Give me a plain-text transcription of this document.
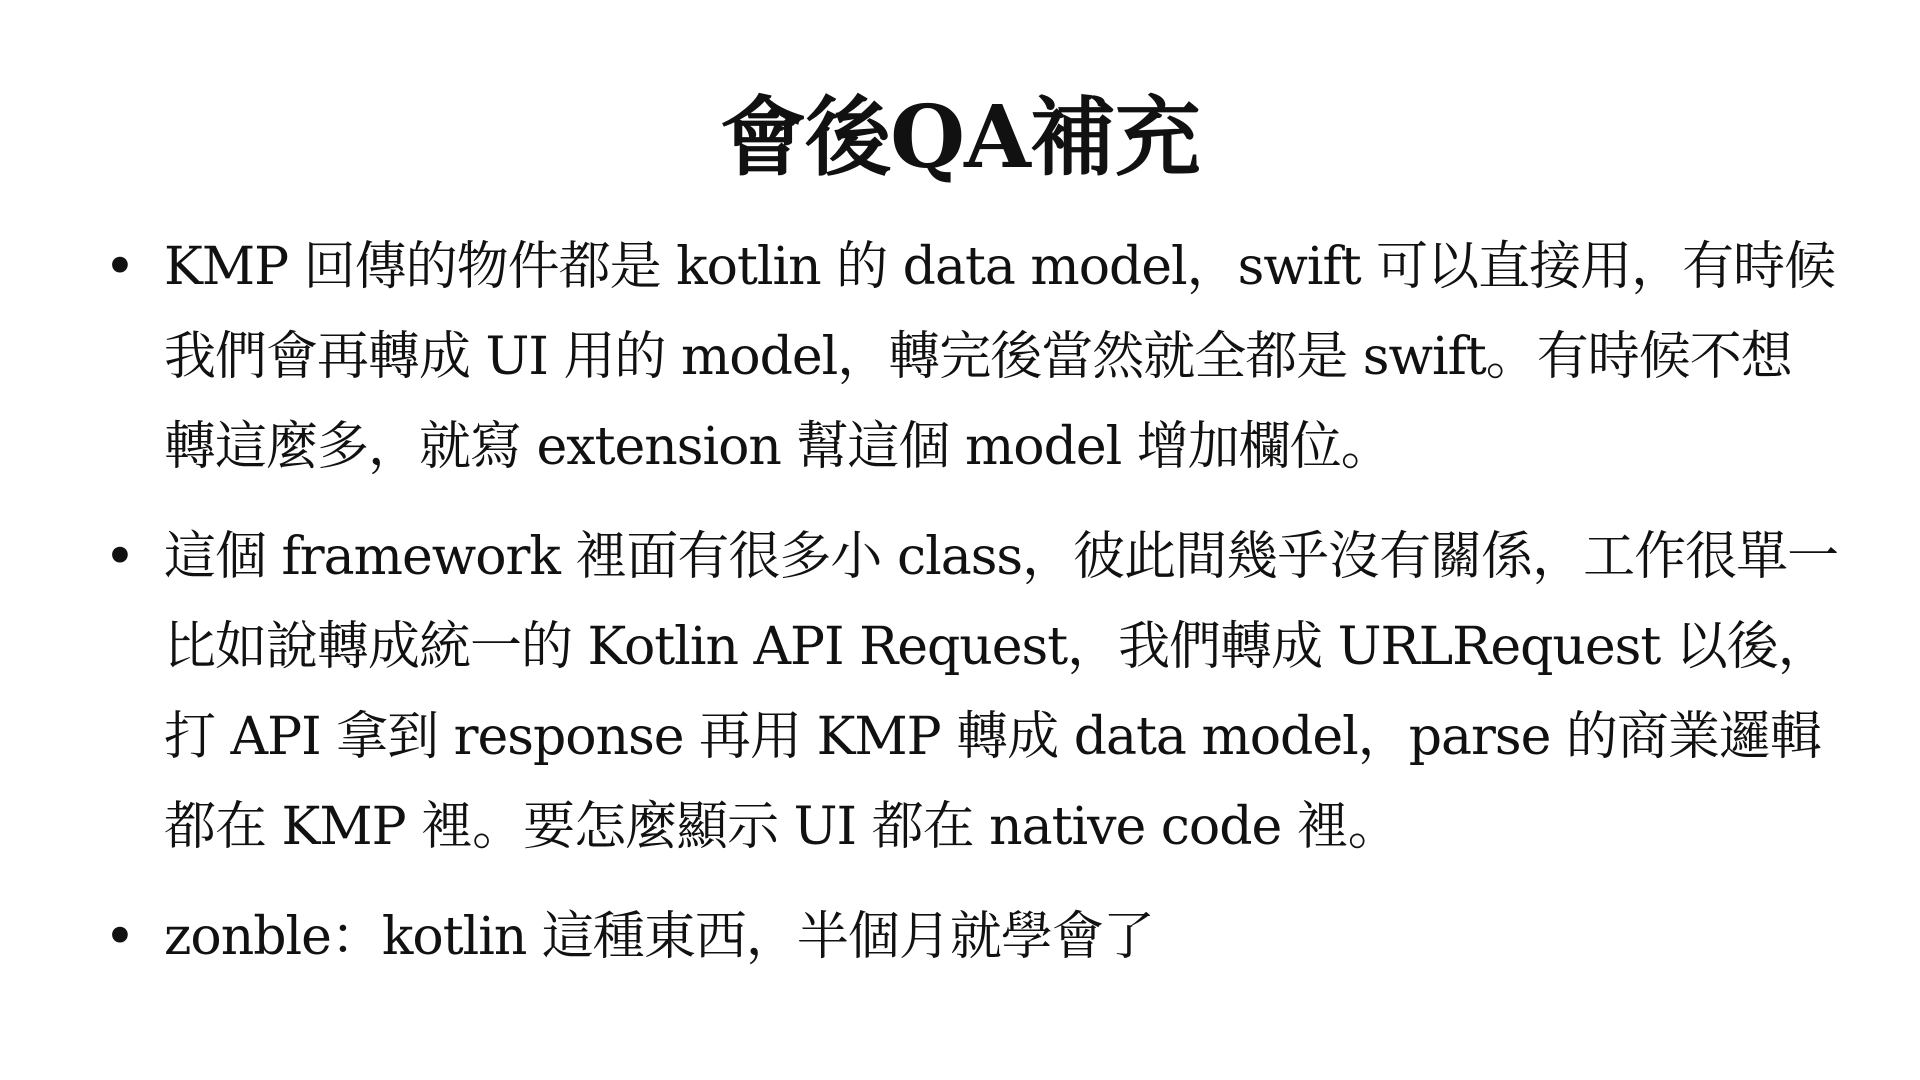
會後QA補充
• KMP 回傳的物件都是 kotlin 的 data model，swift 可以直接用，有時候我們會再轉成 UI 用的 model，轉完後當然就全都是 swift。有時候不想轉這麼多，就寫 extension 幫這個 model 增加欄位。
• 這個 framework 裡面有很多小 class，彼此間幾乎沒有關係，工作很單一比如說轉成統一的 Kotlin API Request，我們轉成 URLRequest 以後，打 API 拿到 response 再用 KMP 轉成 data model，parse 的商業邏輯都在 KMP 裡。要怎麼顯示 UI 都在 native code 裡。
• zonble：kotlin 這種東西，半個月就學會了
